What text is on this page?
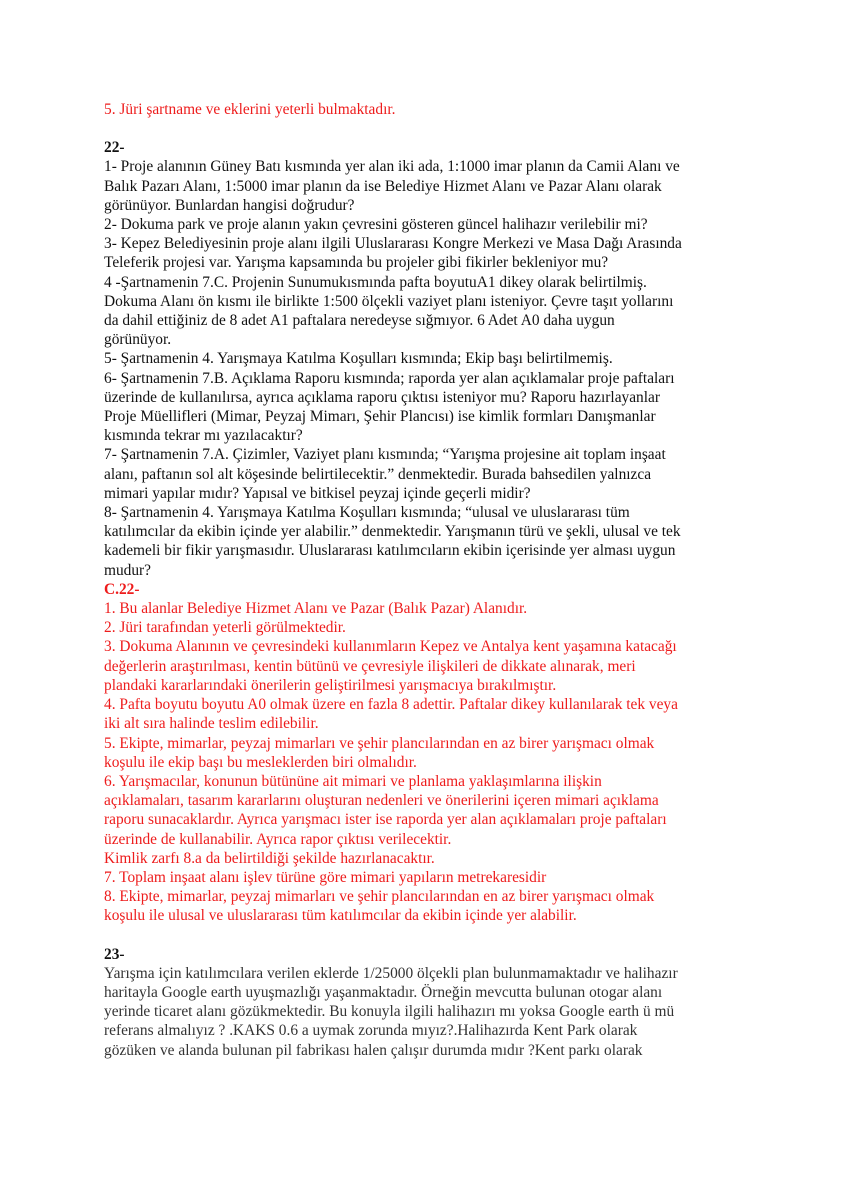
5. Jüri şartname ve eklerini yeterli bulmaktadır.
22-
1- Proje alanının Güney Batı kısmında yer alan iki ada, 1:1000 imar planın da Camii Alanı ve
Balık Pazarı Alanı, 1:5000 imar planın da ise Belediye Hizmet Alanı ve Pazar Alanı olarak
görünüyor. Bunlardan hangisi doğrudur?
2- Dokuma park ve proje alanın yakın çevresini gösteren güncel halihazır verilebilir mi?
3- Kepez Belediyesinin proje alanı ilgili Uluslararası Kongre Merkezi ve Masa Dağı Arasında
Teleferik projesi var. Yarışma kapsamında bu projeler gibi fikirler bekleniyor mu?
4 -Şartnamenin 7.C. Projenin Sunumukısmında pafta boyutuA1 dikey olarak belirtilmiş.
Dokuma Alanı ön kısmı ile birlikte 1:500 ölçekli vaziyet planı isteniyor. Çevre taşıt yollarını
da dahil ettiğiniz de 8 adet A1 paftalara neredeyse sığmıyor. 6 Adet A0 daha uygun
görünüyor.
5- Şartnamenin 4. Yarışmaya Katılma Koşulları kısmında; Ekip başı belirtilmemiş.
6- Şartnamenin 7.B. Açıklama Raporu kısmında; raporda yer alan açıklamalar proje paftaları
üzerinde de kullanılırsa, ayrıca açıklama raporu çıktısı isteniyor mu? Raporu hazırlayanlar
Proje Müellifleri (Mimar, Peyzaj Mimarı, Şehir Plancısı) ise kimlik formları Danışmanlar
kısmında tekrar mı yazılacaktır?
7- Şartnamenin 7.A. Çizimler, Vaziyet planı kısmında; “Yarışma projesine ait toplam inşaat
alanı, paftanın sol alt köşesinde belirtilecektir.” denmektedir. Burada bahsedilen yalnızca
mimari yapılar mıdır? Yapısal ve bitkisel peyzaj içinde geçerli midir?
8- Şartnamenin 4. Yarışmaya Katılma Koşulları kısmında; “ulusal ve uluslararası tüm
katılımcılar da ekibin içinde yer alabilir.” denmektedir. Yarışmanın türü ve şekli, ulusal ve tek
kademeli bir fikir yarışmasıdır. Uluslararası katılımcıların ekibin içerisinde yer alması uygun
mudur?
C.22-
1. Bu alanlar Belediye Hizmet Alanı ve Pazar (Balık Pazar) Alanıdır.
2. Jüri tarafından yeterli görülmektedir.
3. Dokuma Alanının ve çevresindeki kullanımların Kepez ve Antalya kent yaşamına katacağı
değerlerin araştırılması, kentin bütünü ve çevresiyle ilişkileri de dikkate alınarak, meri
plandaki kararlarındaki önerilerin geliştirilmesi yarışmacıya bırakılmıştır.
4. Pafta boyutu boyutu A0 olmak üzere en fazla 8 adettir. Paftalar dikey kullanılarak tek veya
iki alt sıra halinde teslim edilebilir.
5. Ekipte, mimarlar, peyzaj mimarları ve şehir plancılarından en az birer yarışmacı olmak
koşulu ile ekip başı bu mesleklerden biri olmalıdır.
6. Yarışmacılar, konunun bütününe ait mimari ve planlama yaklaşımlarına ilişkin
açıklamaları, tasarım kararlarını oluşturan nedenleri ve önerilerini içeren mimari açıklama
raporu sunacaklardır. Ayrıca yarışmacı ister ise raporda yer alan açıklamaları proje paftaları
üzerinde de kullanabilir. Ayrıca rapor çıktısı verilecektir.
Kimlik zarfı 8.a da belirtildiği şekilde hazırlanacaktır.
7. Toplam inşaat alanı işlev türüne göre mimari yapıların metrekaresidir
8. Ekipte, mimarlar, peyzaj mimarları ve şehir plancılarından en az birer yarışmacı olmak
koşulu ile ulusal ve uluslararası tüm katılımcılar da ekibin içinde yer alabilir.
23-
Yarışma için katılımcılara verilen eklerde 1/25000 ölçekli plan bulunmamaktadır ve halihazır
haritayla Google earth uyuşmazlığı yaşanmaktadır. Örneğin mevcutta bulunan otogar alanı
yerinde ticaret alanı gözükmektedir. Bu konuyla ilgili halihazırı mı yoksa Google earth ü mü
referans almalıyız ? .KAKS 0.6 a uymak zorunda mıyız?.Halihazırda Kent Park olarak
gözüken ve alanda bulunan pil fabrikası halen çalışır durumda mıdır ?Kent parkı olarak
